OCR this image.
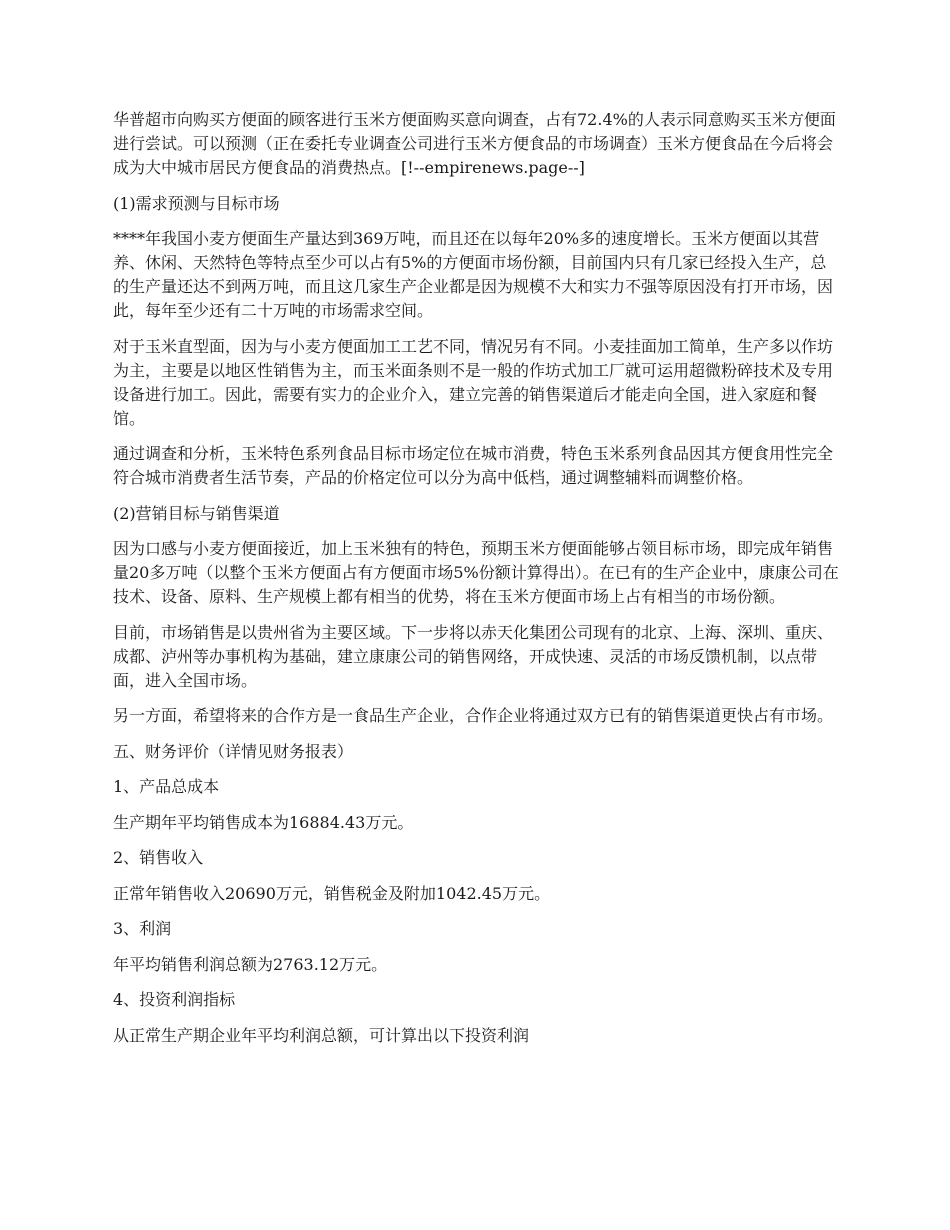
华普超市向购买方便面的顾客进行玉米方便面购买意向调查，占有72.4%的人表示同意购买玉米方便面进行尝试。可以预测（正在委托专业调查公司进行玉米方便食品的市场调查）玉米方便食品在今后将会成为大中城市居民方便食品的消费热点。[!--empirenews.page--]

(1)需求预测与目标市场

****年我国小麦方便面生产量达到369万吨，而且还在以每年20%多的速度增长。玉米方便面以其营养、休闲、天然特色等特点至少可以占有5%的方便面市场份额，目前国内只有几家已经投入生产，总的生产量还达不到两万吨，而且这几家生产企业都是因为规模不大和实力不强等原因没有打开市场，因此，每年至少还有二十万吨的市场需求空间。

对于玉米直型面，因为与小麦方便面加工工艺不同，情况另有不同。小麦挂面加工简单，生产多以作坊为主，主要是以地区性销售为主，而玉米面条则不是一般的作坊式加工厂就可运用超微粉碎技术及专用设备进行加工。因此，需要有实力的企业介入，建立完善的销售渠道后才能走向全国，进入家庭和餐馆。

通过调查和分析，玉米特色系列食品目标市场定位在城市消费，特色玉米系列食品因其方便食用性完全符合城市消费者生活节奏，产品的价格定位可以分为高中低档，通过调整辅料而调整价格。

(2)营销目标与销售渠道

因为口感与小麦方便面接近，加上玉米独有的特色，预期玉米方便面能够占领目标市场，即完成年销售量20多万吨（以整个玉米方便面占有方便面市场5%份额计算得出）。在已有的生产企业中，康康公司在技术、设备、原料、生产规模上都有相当的优势，将在玉米方便面市场上占有相当的市场份额。

目前，市场销售是以贵州省为主要区域。下一步将以赤天化集团公司现有的北京、上海、深圳、重庆、成都、泸州等办事机构为基础，建立康康公司的销售网络，开成快速、灵活的市场反馈机制，以点带面，进入全国市场。

另一方面，希望将来的合作方是一食品生产企业，合作企业将通过双方已有的销售渠道更快占有市场。

五、财务评价（详情见财务报表）

1、产品总成本

生产期年平均销售成本为16884.43万元。

2、销售收入

正常年销售收入20690万元，销售税金及附加1042.45万元。

3、利润

年平均销售利润总额为2763.12万元。

4、投资利润指标

从正常生产期企业年平均利润总额，可计算出以下投资利润
